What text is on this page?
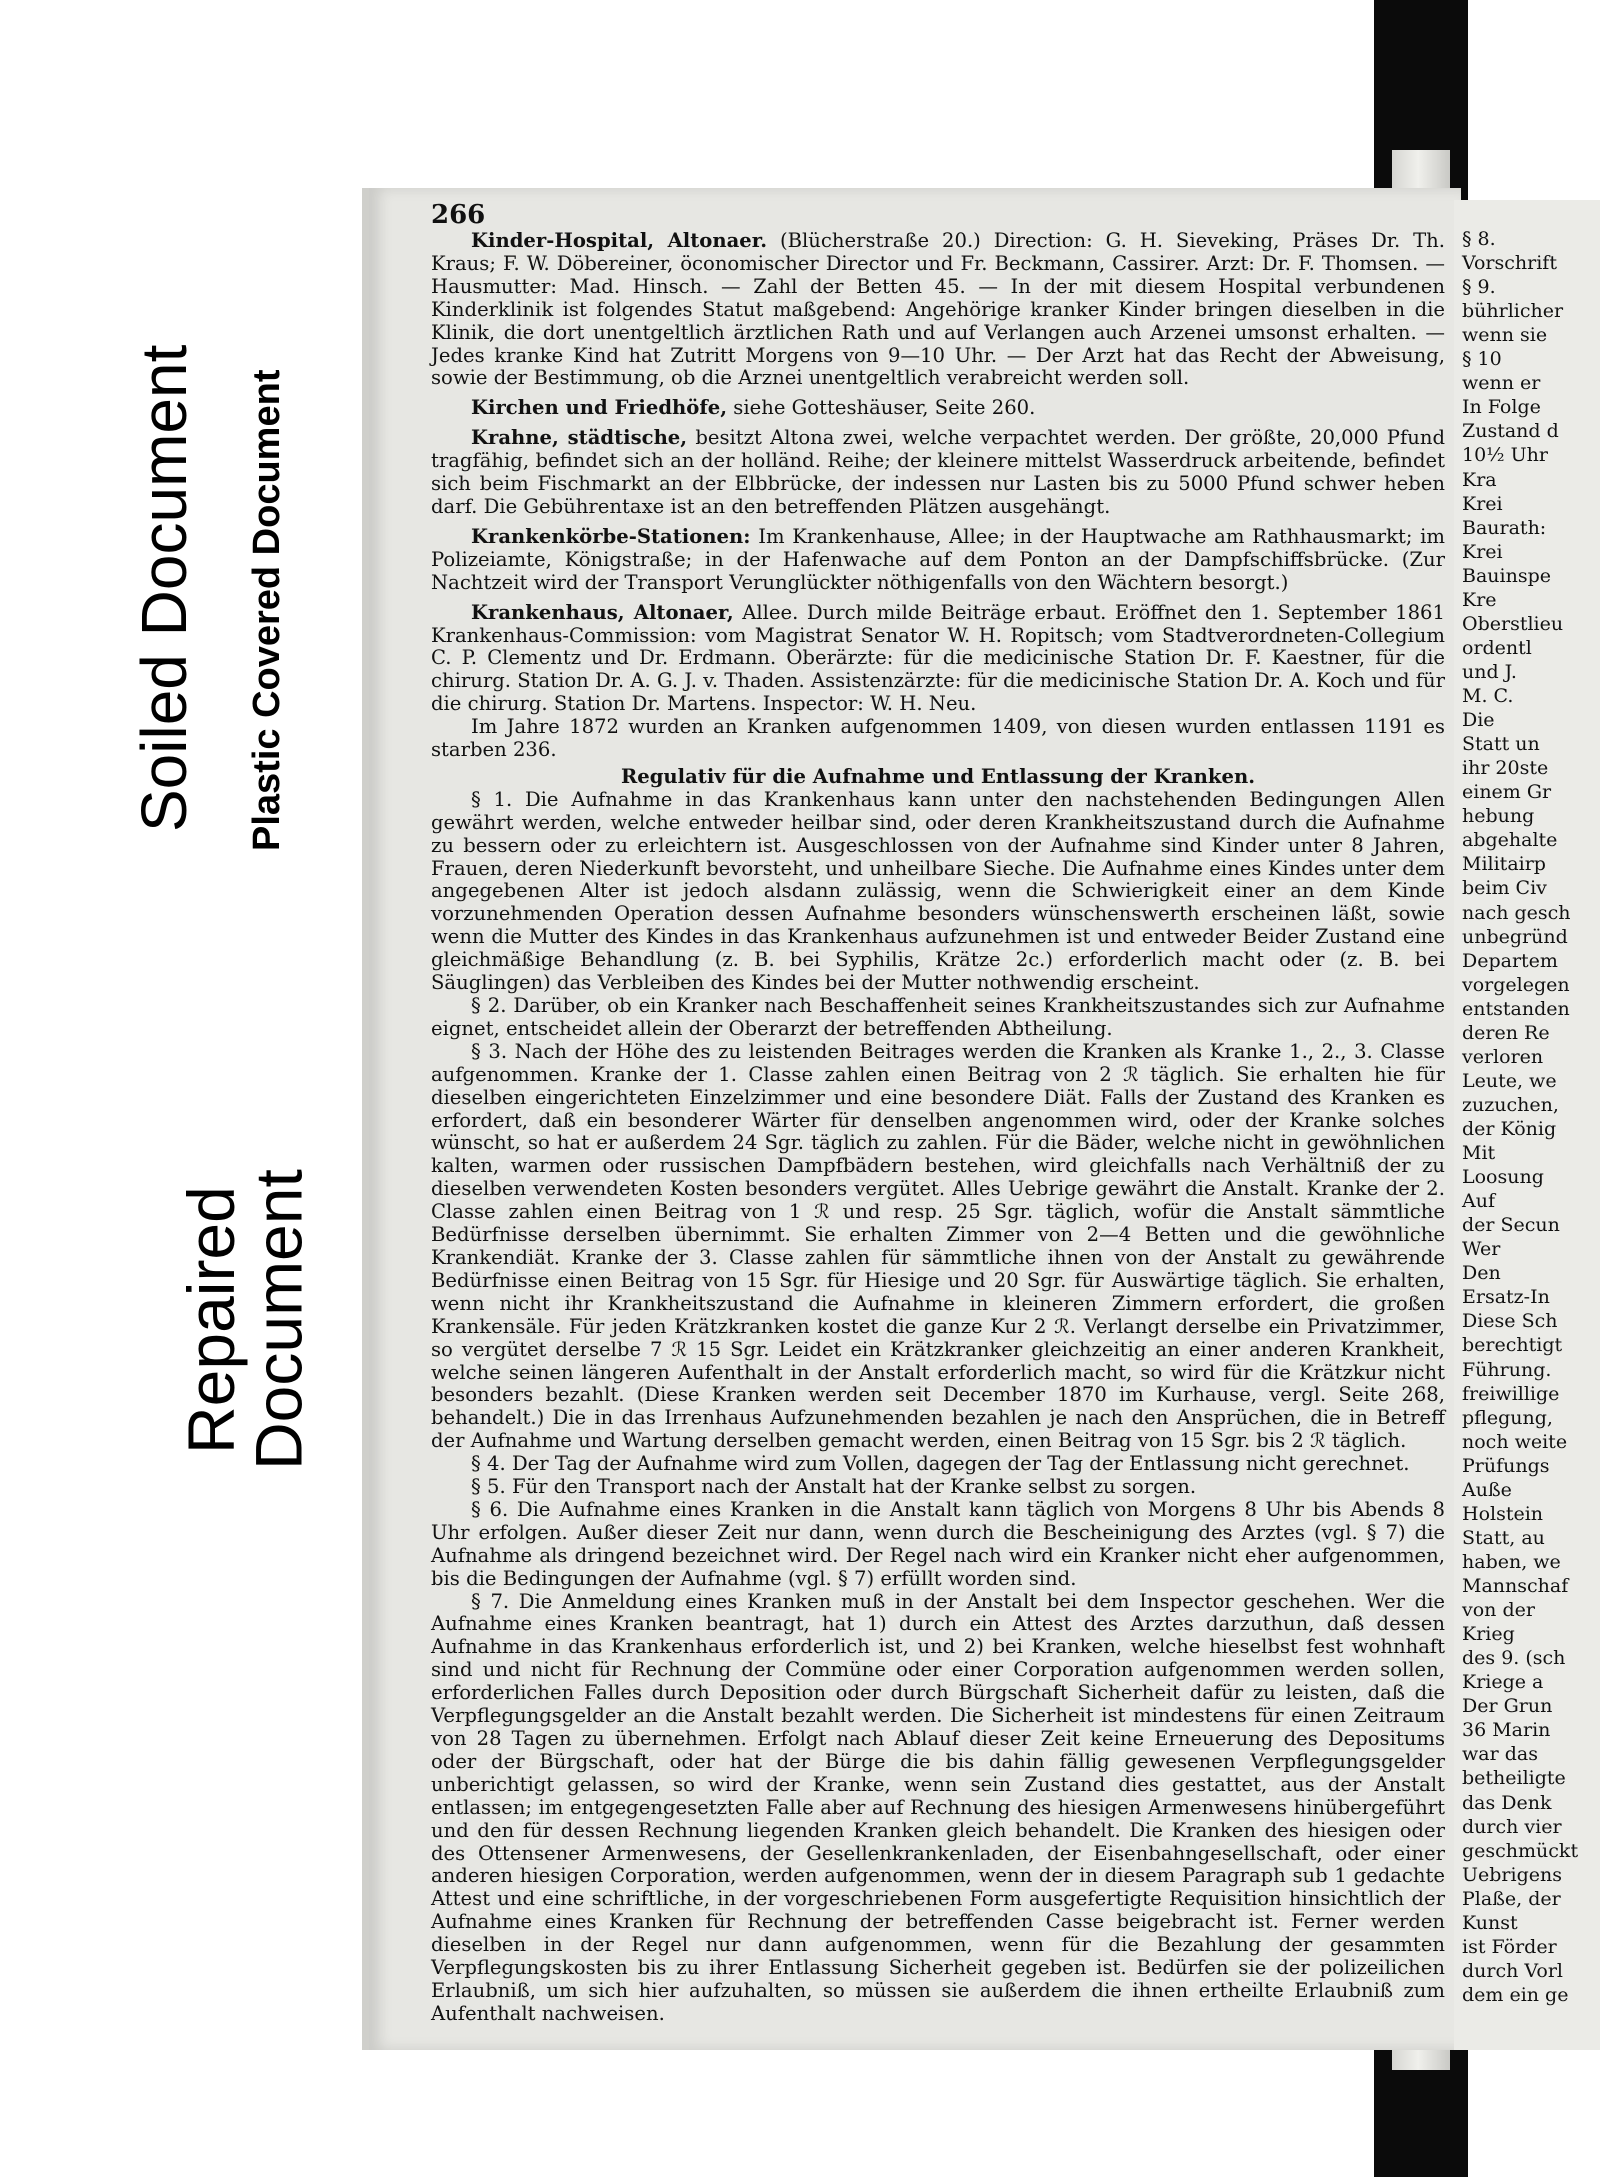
Soiled Document	Plastic Covered Document
Repaired Document
266

Kinder-Hospital, Altonaer. (Blücherstraße 20.) Direction: G. H. Sieveking, Präses Dr. Th. Kraus; F. W. Döbereiner, öconomischer Director und Fr. Beckmann, Cassirer. Arzt: Dr. F. Thomsen. — Hausmutter: Mad. Hinsch. — Zahl der Betten 45. — In der mit diesem Hospital verbundenen Kinderklinik ist folgendes Statut maßgebend: Angehörige kranker Kinder bringen dieselben in die Klinik, die dort unentgeltlich ärztlichen Rath und auf Verlangen auch Arzenei umsonst erhalten. — Jedes kranke Kind hat Zutritt Morgens von 9—10 Uhr. — Der Arzt hat das Recht der Abweisung, sowie der Bestimmung, ob die Arznei unentgeltlich verabreicht werden soll.

Kirchen und Friedhöfe, siehe Gotteshäuser, Seite 260.

Krahne, städtische, besitzt Altona zwei, welche verpachtet werden. Der größte, 20,000 Pfund tragfähig, befindet sich an der holländ. Reihe; der kleinere mittelst Wasserdruck arbeitende, befindet sich beim Fischmarkt an der Elbbrücke, der indessen nur Lasten bis zu 5000 Pfund schwer heben darf. Die Gebührentaxe ist an den betreffenden Plätzen ausgehängt.

Krankenkörbe-Stationen: Im Krankenhause, Allee; in der Hauptwache am Rathhausmarkt; im Polizeiamte, Königstraße; in der Hafenwache auf dem Ponton an der Dampfschiffsbrücke. (Zur Nachtzeit wird der Transport Verunglückter nöthigenfalls von den Wächtern besorgt.)

Krankenhaus, Altonaer, Allee. Durch milde Beiträge erbaut. Eröffnet den 1. September 1861 Krankenhaus-Commission: vom Magistrat Senator W. H. Ropitsch; vom Stadtverordneten-Collegium C. P. Clementz und Dr. Erdmann. Oberärzte: für die medicinische Station Dr. F. Kaestner, für die chirurg. Station Dr. A. G. J. v. Thaden. Assistenzärzte: für die medicinische Station Dr. A. Koch und für die chirurg. Station Dr. Martens. Inspector: W. H. Neu.

Im Jahre 1872 wurden an Kranken aufgenommen 1409, von diesen wurden entlassen 1191 es starben 236.

Regulativ für die Aufnahme und Entlassung der Kranken.

§ 1. Die Aufnahme in das Krankenhaus kann unter den nachstehenden Bedingungen Allen gewährt werden, welche entweder heilbar sind, oder deren Krankheitszustand durch die Aufnahme zu bessern oder zu erleichtern ist. Ausgeschlossen von der Aufnahme sind Kinder unter 8 Jahren, Frauen, deren Niederkunft bevorsteht, und unheilbare Sieche. Die Aufnahme eines Kindes unter dem angegebenen Alter ist jedoch alsdann zulässig, wenn die Schwierigkeit einer an dem Kinde vorzunehmenden Operation dessen Aufnahme besonders wünschenswerth erscheinen läßt, sowie wenn die Mutter des Kindes in das Krankenhaus aufzunehmen ist und entweder Beider Zustand eine gleichmäßige Behandlung (z. B. bei Syphilis, Krätze 2c.) erforderlich macht oder (z. B. bei Säuglingen) das Verbleiben des Kindes bei der Mutter nothwendig erscheint.

§ 2. Darüber, ob ein Kranker nach Beschaffenheit seines Krankheitszustandes sich zur Aufnahme eignet, entscheidet allein der Oberarzt der betreffenden Abtheilung.

§ 3. Nach der Höhe des zu leistenden Beitrages werden die Kranken als Kranke 1., 2., 3. Classe aufgenommen. Kranke der 1. Classe zahlen einen Beitrag von 2 ℛ täglich. Sie erhalten hie für dieselben eingerichteten Einzelzimmer und eine besondere Diät. Falls der Zustand des Kranken es erfordert, daß ein besonderer Wärter für denselben angenommen wird, oder der Kranke solches wünscht, so hat er außerdem 24 Sgr. täglich zu zahlen. Für die Bäder, welche nicht in gewöhnlichen kalten, warmen oder russischen Dampfbädern bestehen, wird gleichfalls nach Verhältniß der zu dieselben verwendeten Kosten besonders vergütet. Alles Uebrige gewährt die Anstalt. Kranke der 2. Classe zahlen einen Beitrag von 1 ℛ und resp. 25 Sgr. täglich, wofür die Anstalt sämmtliche Bedürfnisse derselben übernimmt. Sie erhalten Zimmer von 2—4 Betten und die gewöhnliche Krankendiät. Kranke der 3. Classe zahlen für sämmtliche ihnen von der Anstalt zu gewährende Bedürfnisse einen Beitrag von 15 Sgr. für Hiesige und 20 Sgr. für Auswärtige täglich. Sie erhalten, wenn nicht ihr Krankheitszustand die Aufnahme in kleineren Zimmern erfordert, die großen Krankensäle. Für jeden Krätzkranken kostet die ganze Kur 2 ℛ. Verlangt derselbe ein Privatzimmer, so vergütet derselbe 7 ℛ 15 Sgr. Leidet ein Krätzkranker gleichzeitig an einer anderen Krankheit, welche seinen längeren Aufenthalt in der Anstalt erforderlich macht, so wird für die Krätzkur nicht besonders bezahlt. (Diese Kranken werden seit December 1870 im Kurhause, vergl. Seite 268, behandelt.) Die in das Irrenhaus Aufzunehmenden bezahlen je nach den Ansprüchen, die in Betreff der Aufnahme und Wartung derselben gemacht werden, einen Beitrag von 15 Sgr. bis 2 ℛ täglich.

§ 4. Der Tag der Aufnahme wird zum Vollen, dagegen der Tag der Entlassung nicht gerechnet.

§ 5. Für den Transport nach der Anstalt hat der Kranke selbst zu sorgen.

§ 6. Die Aufnahme eines Kranken in die Anstalt kann täglich von Morgens 8 Uhr bis Abends 8 Uhr erfolgen. Außer dieser Zeit nur dann, wenn durch die Bescheinigung des Arztes (vgl. § 7) die Aufnahme als dringend bezeichnet wird. Der Regel nach wird ein Kranker nicht eher aufgenommen, bis die Bedingungen der Aufnahme (vgl. § 7) erfüllt worden sind.

§ 7. Die Anmeldung eines Kranken muß in der Anstalt bei dem Inspector geschehen. Wer die Aufnahme eines Kranken beantragt, hat 1) durch ein Attest des Arztes darzuthun, daß dessen Aufnahme in das Krankenhaus erforderlich ist, und 2) bei Kranken, welche hieselbst fest wohnhaft sind und nicht für Rechnung der Commüne oder einer Corporation aufgenommen werden sollen, erforderlichen Falles durch Deposition oder durch Bürgschaft Sicherheit dafür zu leisten, daß die Verpflegungsgelder an die Anstalt bezahlt werden. Die Sicherheit ist mindestens für einen Zeitraum von 28 Tagen zu übernehmen. Erfolgt nach Ablauf dieser Zeit keine Erneuerung des Depositums oder der Bürgschaft, oder hat der Bürge die bis dahin fällig gewesenen Verpflegungsgelder unberichtigt gelassen, so wird der Kranke, wenn sein Zustand dies gestattet, aus der Anstalt entlassen; im entgegengesetzten Falle aber auf Rechnung des hiesigen Armenwesens hinübergeführt und den für dessen Rechnung liegenden Kranken gleich behandelt. Die Kranken des hiesigen oder des Ottensener Armenwesens, der Gesellenkrankenladen, der Eisenbahngesellschaft, oder einer anderen hiesigen Corporation, werden aufgenommen, wenn der in diesem Paragraph sub 1 gedachte Attest und eine schriftliche, in der vorgeschriebenen Form ausgefertigte Requisition hinsichtlich der Aufnahme eines Kranken für Rechnung der betreffenden Casse beigebracht ist. Ferner werden dieselben in der Regel nur dann aufgenommen, wenn für die Bezahlung der gesammten Verpflegungskosten bis zu ihrer Entlassung Sicherheit gegeben ist. Bedürfen sie der polizeilichen Erlaubniß, um sich hier aufzuhalten, so müssen sie außerdem die ihnen ertheilte Erlaubniß zum Aufenthalt nachweisen.

§ 8.
Vorschrift
§ 9.
bührlicher
wenn sie
§ 10
wenn er
In Folge
Zustand d
10½ Uhr
Kra
Krei
Baurath:
Krei
Bauinspe
Kre
Oberstlieu
ordentl
und J.
M. C.
Die
Statt un
ihr 20ste
einem Gr
hebung
abgehalte
Militairp
beim Civ
nach gesch
unbegründ
Departem
vorgelegen
entstanden
deren Re
verloren
Leute, we
zuzuchen,
der König
Mit
Loosung
Auf
der Secun
Wer
Den
Ersatz-In
Diese Sch
berechtigt
Führung.
freiwillige
pflegung,
noch weite
Prüfungs
Auße
Holstein
Statt, au
haben, we
Mannschaf
von der
Krieg
des 9. (sch
Kriege a
Der Grun
36 Marin
war das
betheiligte
das Denk
durch vier
geschmückt
Uebrigens
Plaße, der
Kunst
ist Förder
durch Vorl
dem ein ge
